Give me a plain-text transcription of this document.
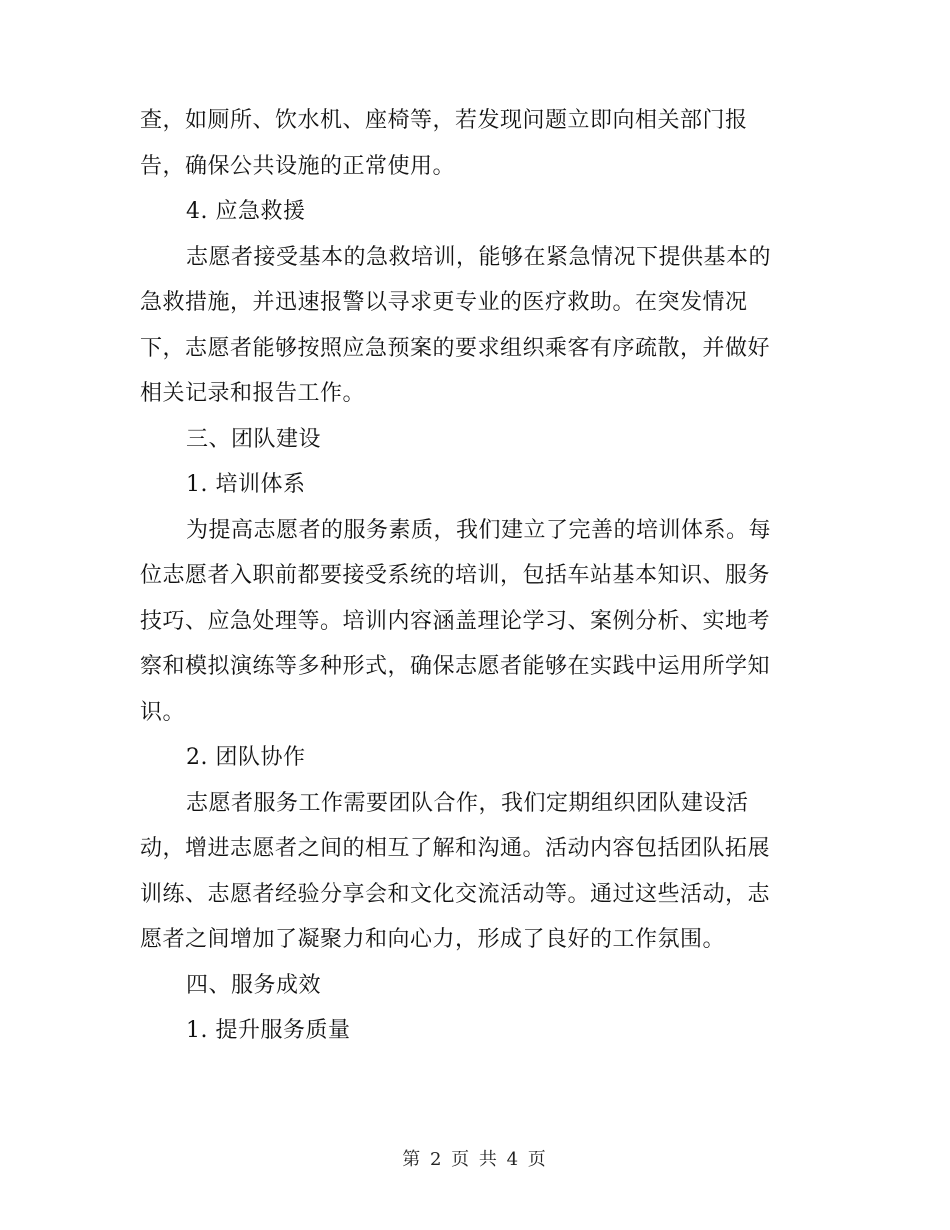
查，如厕所、饮水机、座椅等，若发现问题立即向相关部门报
告，确保公共设施的正常使用。
4. 应急救援
志愿者接受基本的急救培训，能够在紧急情况下提供基本的
急救措施，并迅速报警以寻求更专业的医疗救助。在突发情况
下，志愿者能够按照应急预案的要求组织乘客有序疏散，并做好
相关记录和报告工作。
三、团队建设
1. 培训体系
为提高志愿者的服务素质，我们建立了完善的培训体系。每
位志愿者入职前都要接受系统的培训，包括车站基本知识、服务
技巧、应急处理等。培训内容涵盖理论学习、案例分析、实地考
察和模拟演练等多种形式，确保志愿者能够在实践中运用所学知
识。
2. 团队协作
志愿者服务工作需要团队合作，我们定期组织团队建设活
动，增进志愿者之间的相互了解和沟通。活动内容包括团队拓展
训练、志愿者经验分享会和文化交流活动等。通过这些活动，志
愿者之间增加了凝聚力和向心力，形成了良好的工作氛围。
四、服务成效
1. 提升服务质量
第 2 页 共 4 页
